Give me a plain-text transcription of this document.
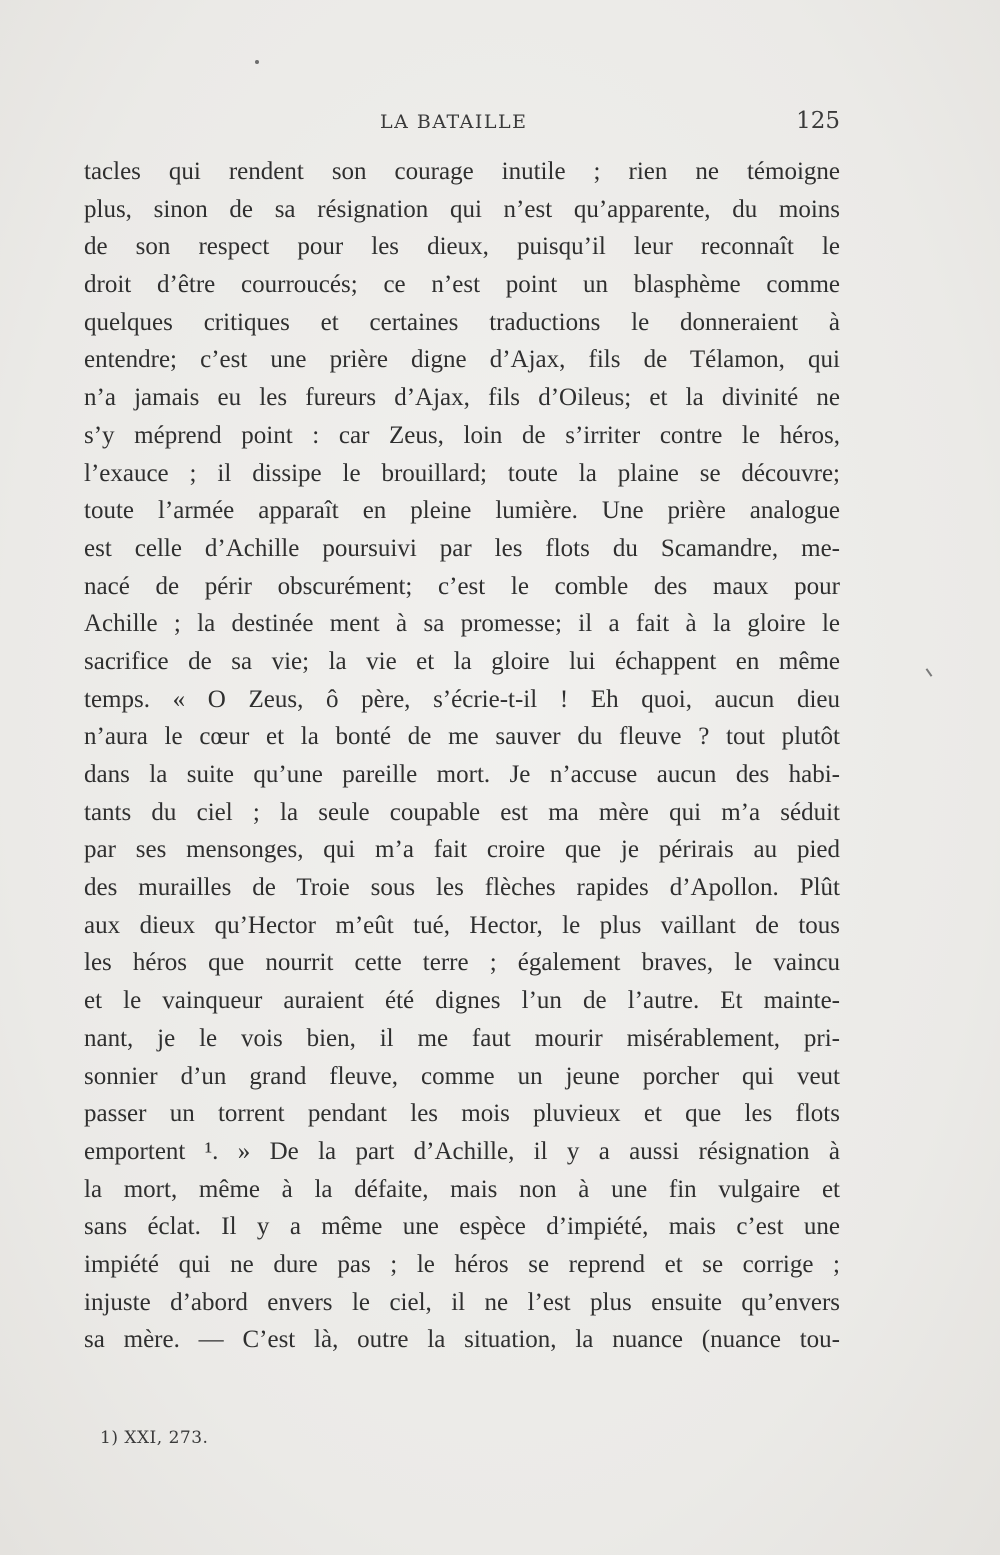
LA BATAILLE	125
tacles qui rendent son courage inutile ; rien ne témoigne
plus, sinon de sa résignation qui n’est qu’apparente, du moins
de son respect pour les dieux, puisqu’il leur reconnaît le
droit d’être courroucés; ce n’est point un blasphème comme
quelques critiques et certaines traductions le donneraient à
entendre; c’est une prière digne d’Ajax, fils de Télamon, qui
n’a jamais eu les fureurs d’Ajax, fils d’Oileus; et la divinité ne
s’y méprend point : car Zeus, loin de s’irriter contre le héros,
l’exauce ; il dissipe le brouillard; toute la plaine se découvre;
toute l’armée apparaît en pleine lumière. Une prière analogue
est celle d’Achille poursuivi par les flots du Scamandre, me-
nacé de périr obscurément; c’est le comble des maux pour
Achille ; la destinée ment à sa promesse; il a fait à la gloire le
sacrifice de sa vie; la vie et la gloire lui échappent en même
temps. « O Zeus, ô père, s’écrie-t-il ! Eh quoi, aucun dieu
n’aura le cœur et la bonté de me sauver du fleuve ? tout plutôt
dans la suite qu’une pareille mort. Je n’accuse aucun des habi-
tants du ciel ; la seule coupable est ma mère qui m’a séduit
par ses mensonges, qui m’a fait croire que je périrais au pied
des murailles de Troie sous les flèches rapides d’Apollon. Plût
aux dieux qu’Hector m’eût tué, Hector, le plus vaillant de tous
les héros que nourrit cette terre ; également braves, le vaincu
et le vainqueur auraient été dignes l’un de l’autre. Et mainte-
nant, je le vois bien, il me faut mourir misérablement, pri-
sonnier d’un grand fleuve, comme un jeune porcher qui veut
passer un torrent pendant les mois pluvieux et que les flots
emportent ¹. » De la part d’Achille, il y a aussi résignation à
la mort, même à la défaite, mais non à une fin vulgaire et
sans éclat. Il y a même une espèce d’impiété, mais c’est une
impiété qui ne dure pas ; le héros se reprend et se corrige ;
injuste d’abord envers le ciel, il ne l’est plus ensuite qu’envers
sa mère. — C’est là, outre la situation, la nuance (nuance tou-
1) XXI, 273.
